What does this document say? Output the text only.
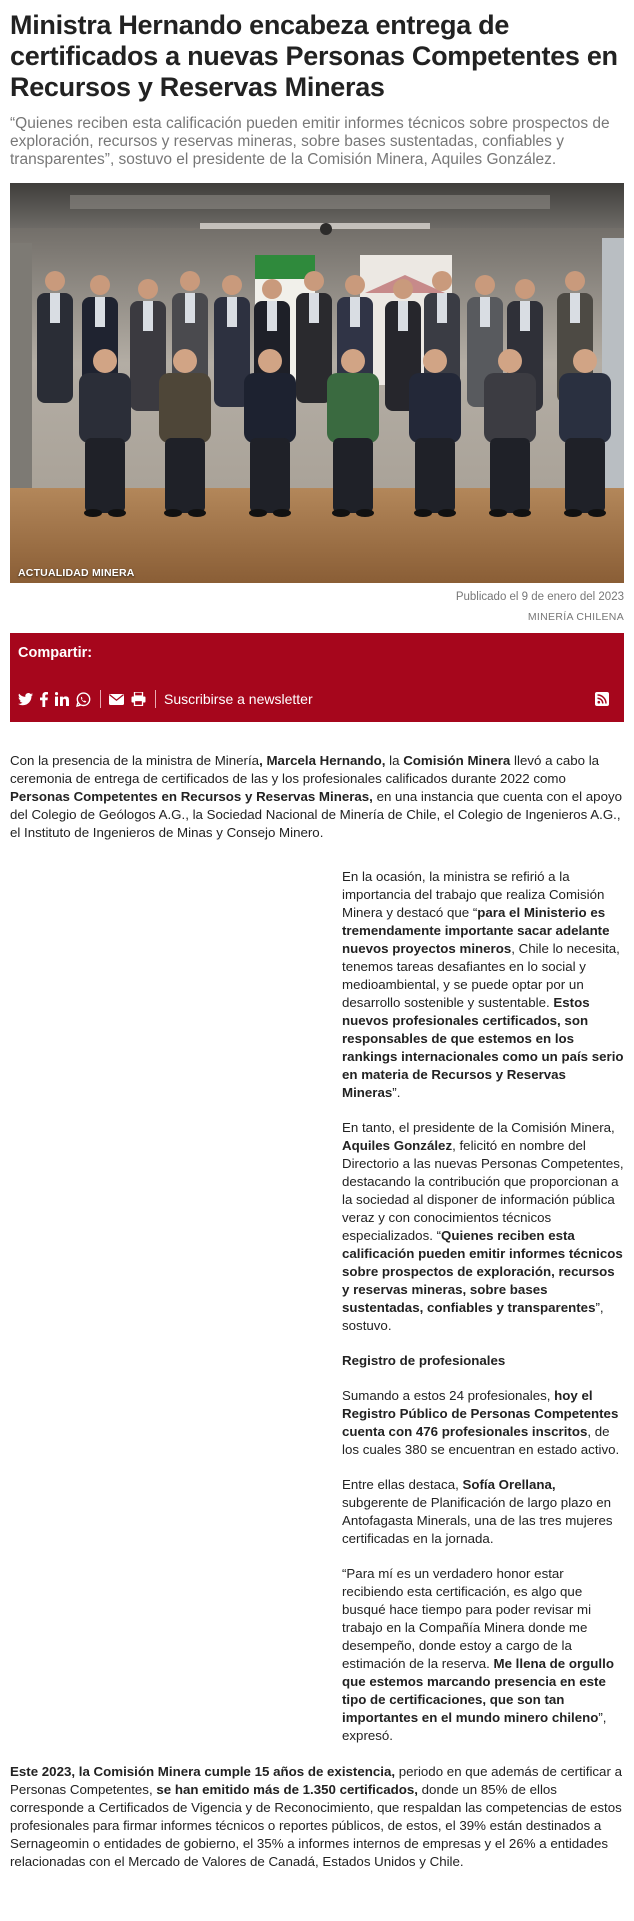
Ministra Hernando encabeza entrega de certificados a nuevas Personas Competentes en Recursos y Reservas Mineras

“Quienes reciben esta calificación pueden emitir informes técnicos sobre prospectos de exploración, recursos y reservas mineras, sobre bases sustentadas, confiables y transparentes”, sostuvo el presidente de la Comisión Minera, Aquiles González.

ACTUALIDAD MINERA

Publicado el 9 de enero del 2023

MINERÍA CHILENA

Compartir:
Suscribirse a newsletter

Con la presencia de la ministra de Minería, Marcela Hernando, la Comisión Minera llevó a cabo la ceremonia de entrega de certificados de las y los profesionales calificados durante 2022 como Personas Competentes en Recursos y Reservas Mineras, en una instancia que cuenta con el apoyo del Colegio de Geólogos A.G., la Sociedad Nacional de Minería de Chile, el Colegio de Ingenieros A.G., el Instituto de Ingenieros de Minas y Consejo Minero.

En la ocasión, la ministra se refirió a la importancia del trabajo que realiza Comisión Minera y destacó que “para el Ministerio es tremendamente importante sacar adelante nuevos proyectos mineros, Chile lo necesita, tenemos tareas desafiantes en lo social y medioambiental, y se puede optar por un desarrollo sostenible y sustentable. Estos nuevos profesionales certificados, son responsables de que estemos en los rankings internacionales como un país serio en materia de Recursos y Reservas Mineras”.

En tanto, el presidente de la Comisión Minera, Aquiles González, felicitó en nombre del Directorio a las nuevas Personas Competentes, destacando la contribución que proporcionan a la sociedad al disponer de información pública veraz y con conocimientos técnicos especializados. “Quienes reciben esta calificación pueden emitir informes técnicos sobre prospectos de exploración, recursos y reservas mineras, sobre bases sustentadas, confiables y transparentes”, sostuvo.

Registro de profesionales

Sumando a estos 24 profesionales, hoy el Registro Público de Personas Competentes cuenta con 476 profesionales inscritos, de los cuales 380 se encuentran en estado activo.

Entre ellas destaca, Sofía Orellana, subgerente de Planificación de largo plazo en Antofagasta Minerals, una de las tres mujeres certificadas en la jornada.

“Para mí es un verdadero honor estar recibiendo esta certificación, es algo que busqué hace tiempo para poder revisar mi trabajo en la Compañía Minera donde me desempeño, donde estoy a cargo de la estimación de la reserva. Me llena de orgullo que estemos marcando presencia en este tipo de certificaciones, que son tan importantes en el mundo minero chileno”, expresó.

Este 2023, la Comisión Minera cumple 15 años de existencia, periodo en que además de certificar a Personas Competentes, se han emitido más de 1.350 certificados, donde un 85% de ellos corresponde a Certificados de Vigencia y de Reconocimiento, que respaldan las competencias de estos profesionales para firmar informes técnicos o reportes públicos, de estos, el 39% están destinados a Sernageomin o entidades de gobierno, el 35% a informes internos de empresas y el 26% a entidades relacionadas con el Mercado de Valores de Canadá, Estados Unidos y Chile.
